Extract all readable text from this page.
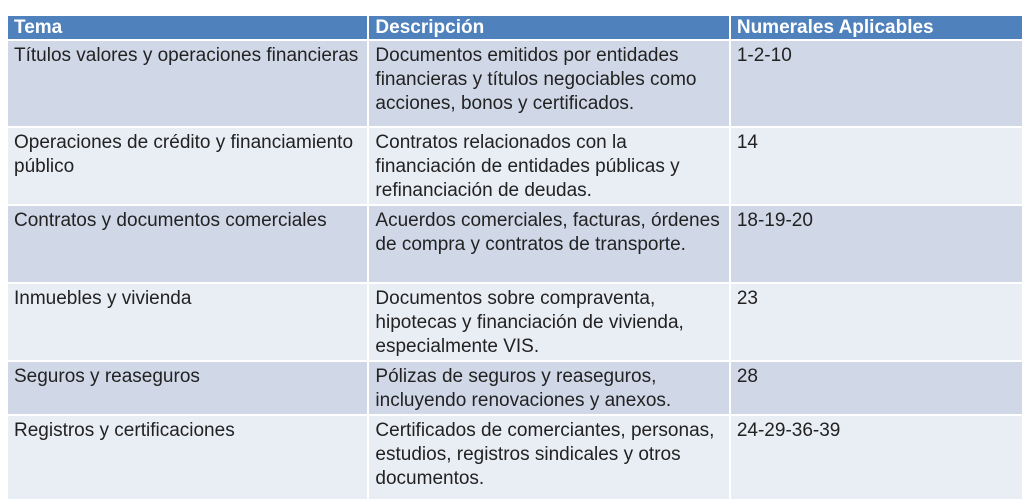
Tema	Descripción	Numerales Aplicables
Títulos valores y operaciones financieras	Documentos emitidos por entidades financieras y títulos negociables como acciones, bonos y certificados.	1-2-10
Operaciones de crédito y financiamiento público	Contratos relacionados con la financiación de entidades públicas y refinanciación de deudas.	14
Contratos y documentos comerciales	Acuerdos comerciales, facturas, órdenes de compra y contratos de transporte.	18-19-20
Inmuebles y vivienda	Documentos sobre compraventa, hipotecas y financiación de vivienda, especialmente VIS.	23
Seguros y reaseguros	Pólizas de seguros y reaseguros, incluyendo renovaciones y anexos.	28
Registros y certificaciones	Certificados de comerciantes, personas, estudios, registros sindicales y otros documentos.	24-29-36-39
